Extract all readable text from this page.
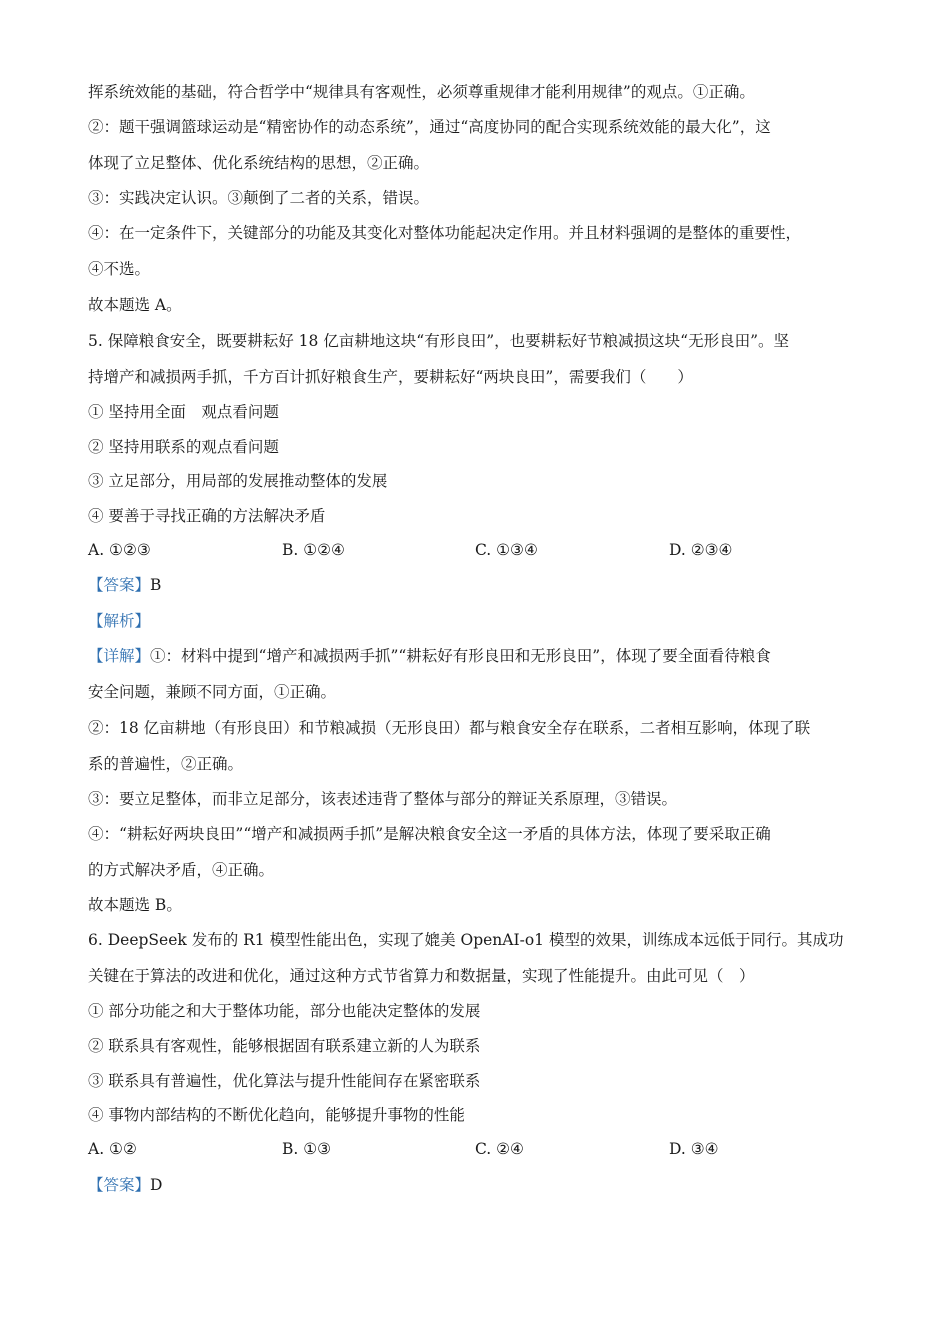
挥系统效能的基础，符合哲学中“规律具有客观性，必须尊重规律才能利用规律”的观点。①正确。
②：题干强调篮球运动是“精密协作的动态系统”，通过“高度协同的配合实现系统效能的最大化”，这
体现了立足整体、优化系统结构的思想，②正确。
③：实践决定认识。③颠倒了二者的关系，错误。
④：在一定条件下，关键部分的功能及其变化对整体功能起决定作用。并且材料强调的是整体的重要性，
④不选。
故本题选 A。
5. 保障粮食安全，既要耕耘好 18 亿亩耕地这块“有形良田”，也要耕耘好节粮减损这块“无形良田”。坚
持增产和减损两手抓，千方百计抓好粮食生产，要耕耘好“两块良田”，需要我们（　　）
① 坚持用全面　观点看问题
② 坚持用联系的观点看问题
③ 立足部分，用局部的发展推动整体的发展
④ 要善于寻找正确的方法解决矛盾
A. ①②③	B. ①②④	C. ①③④	D. ②③④
【答案】B
【解析】
【详解】①：材料中提到“增产和减损两手抓”“耕耘好有形良田和无形良田”，体现了要全面看待粮食
安全问题，兼顾不同方面，①正确。
②：18 亿亩耕地（有形良田）和节粮减损（无形良田）都与粮食安全存在联系，二者相互影响，体现了联
系的普遍性，②正确。
③：要立足整体，而非立足部分，该表述违背了整体与部分的辩证关系原理，③错误。
④：“耕耘好两块良田”“增产和减损两手抓”是解决粮食安全这一矛盾的具体方法，体现了要采取正确
的方式解决矛盾，④正确。
故本题选 B。
6. DeepSeek 发布的 R1 模型性能出色，实现了媲美 OpenAI-o1 模型的效果，训练成本远低于同行。其成功
关键在于算法的改进和优化，通过这种方式节省算力和数据量，实现了性能提升。由此可见（　）
① 部分功能之和大于整体功能，部分也能决定整体的发展
② 联系具有客观性，能够根据固有联系建立新的人为联系
③ 联系具有普遍性，优化算法与提升性能间存在紧密联系
④ 事物内部结构的不断优化趋向，能够提升事物的性能
A. ①②	B. ①③	C. ②④	D. ③④
【答案】D
